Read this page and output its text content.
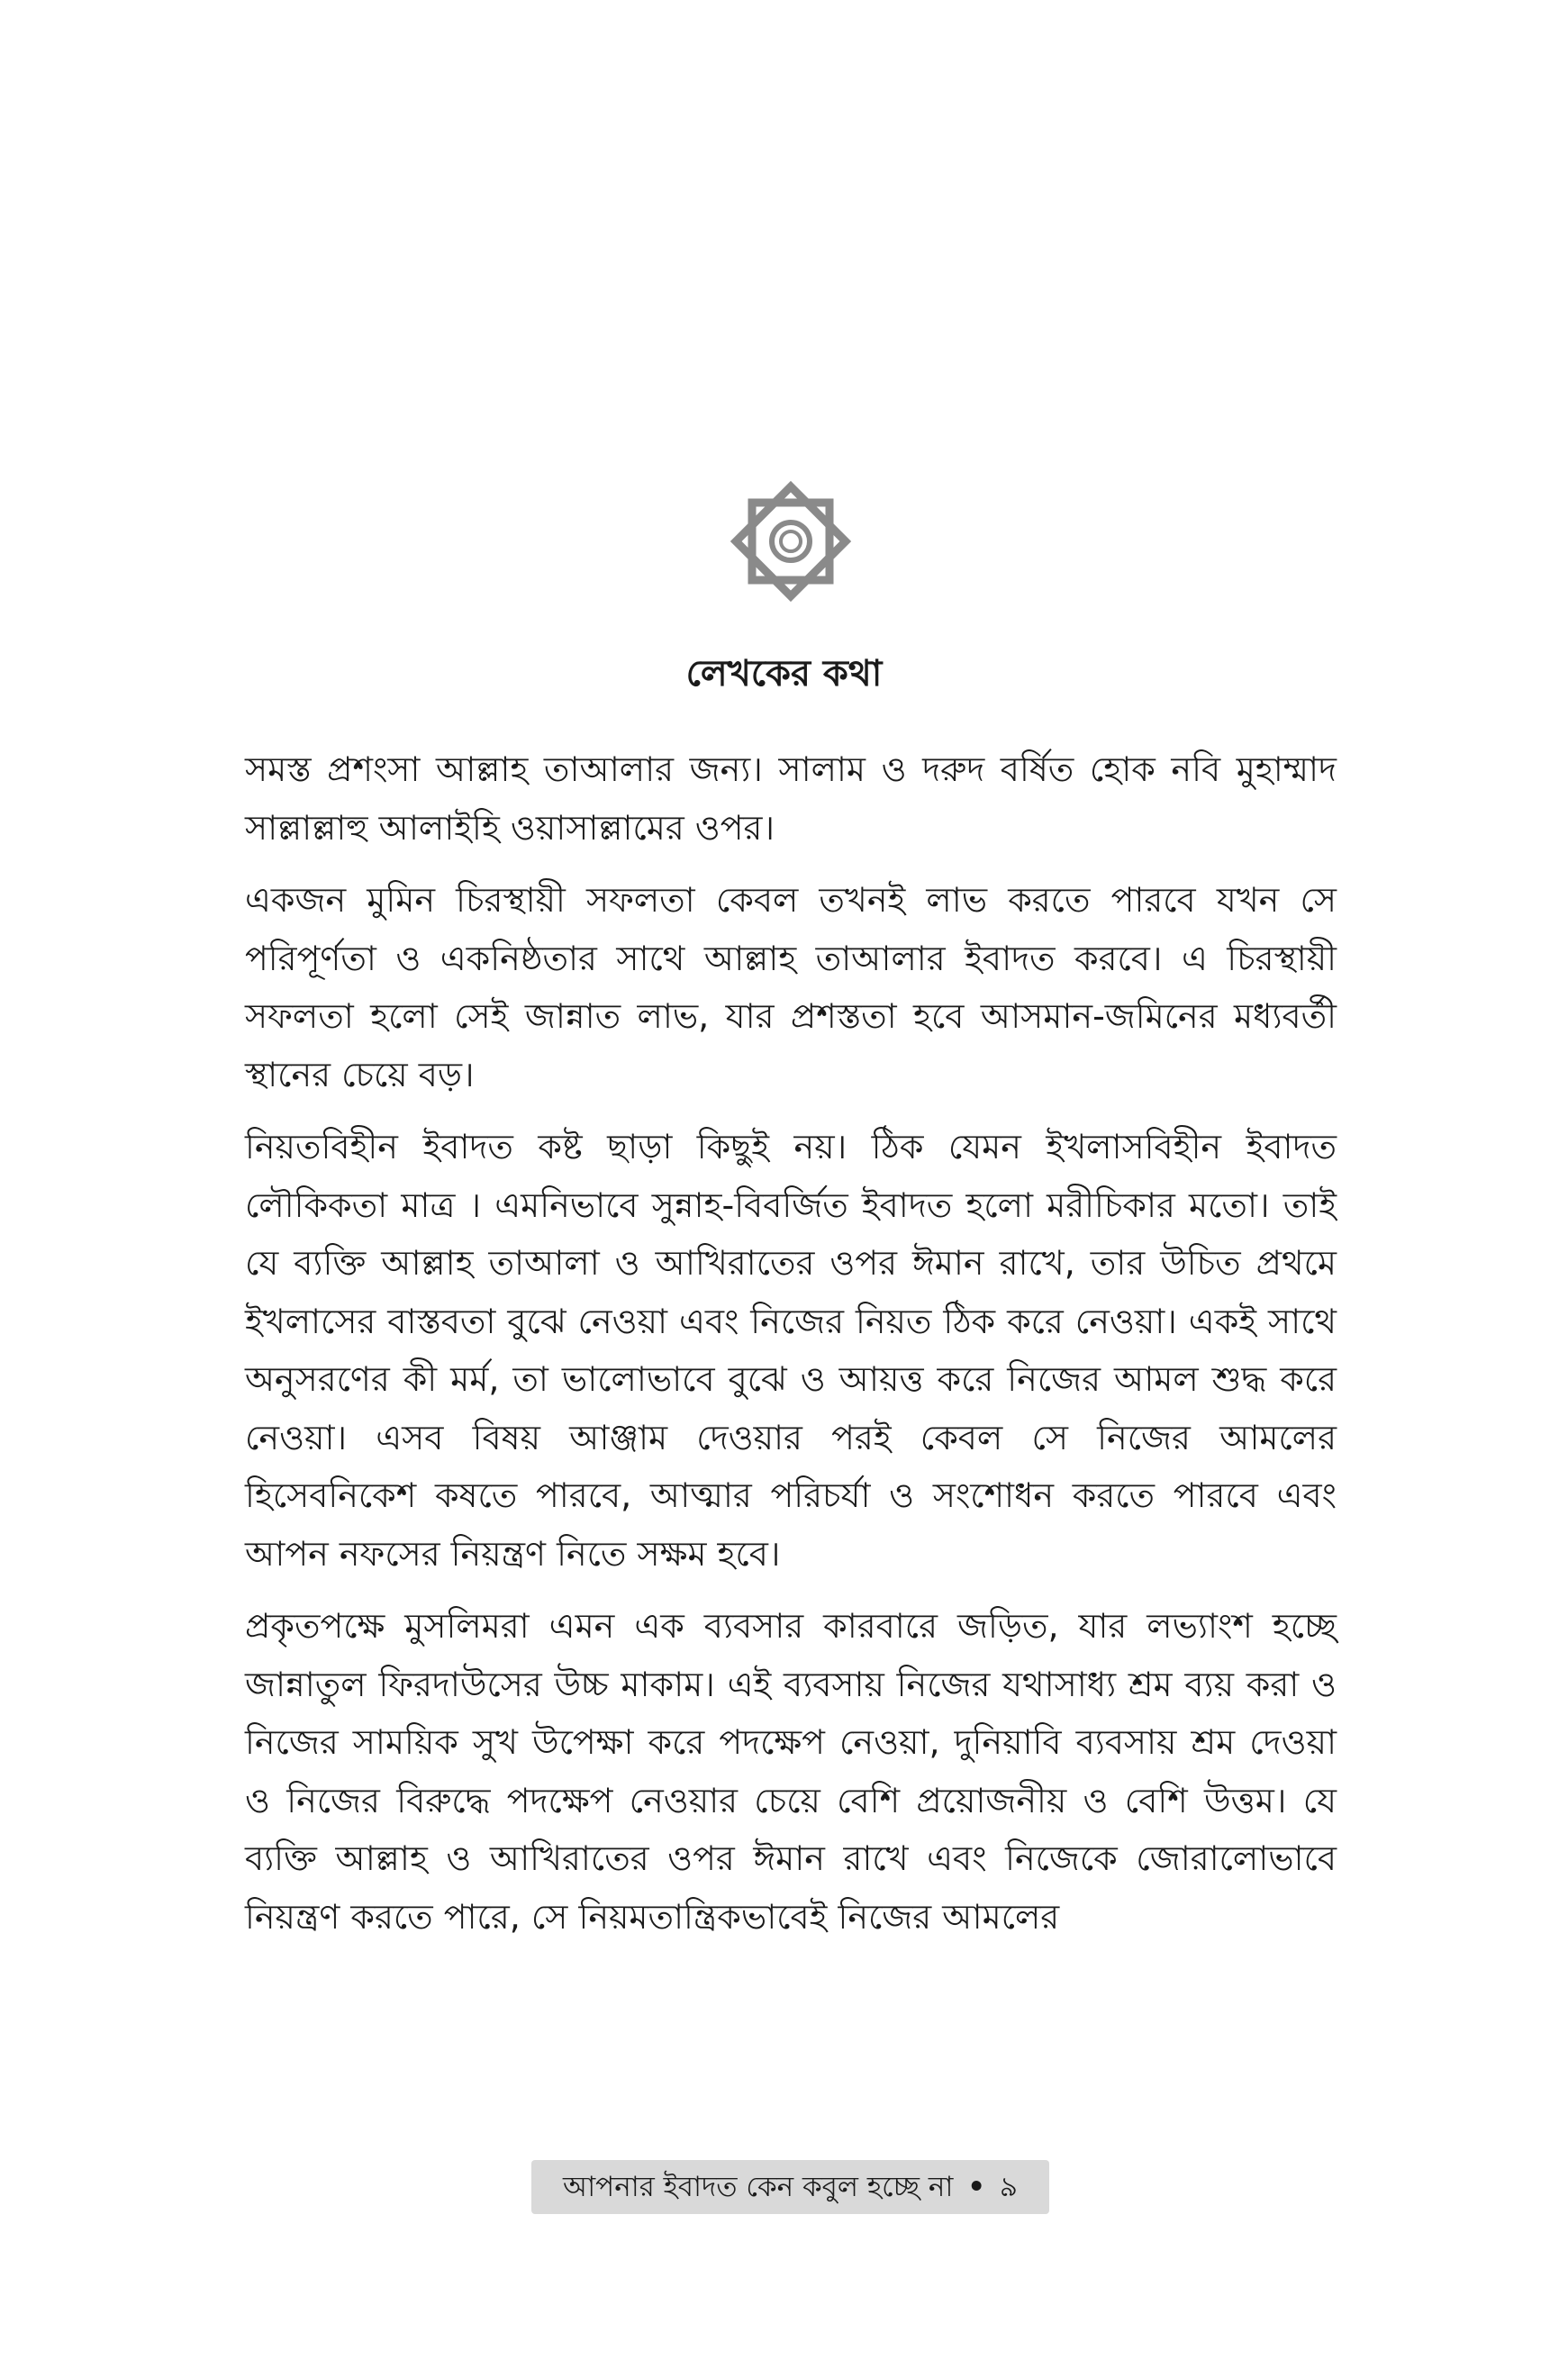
লেখকের কথা

সমস্ত প্রশংসা আল্লাহ তাআলার জন্য। সালাম ও দরুদ বর্ষিত হোক নবি মুহাম্মাদ সাল্লাল্লাহু আলাইহি ওয়াসাল্লামের ওপর।

একজন মুমিন চিরস্থায়ী সফলতা কেবল তখনই লাভ করতে পারবে যখন সে পরিপূর্ণতা ও একনিষ্ঠতার সাথে আল্লাহ তাআলার ইবাদত করবে। এ চিরস্থায়ী সফলতা হলো সেই জান্নাত লাভ, যার প্রশস্ততা হবে আসমান-জমিনের মধ্যবর্তী স্থানের চেয়ে বড়।

নিয়তবিহীন ইবাদত কষ্ট ছাড়া কিছুই নয়। ঠিক যেমন ইখলাসবিহীন ইবাদত লৌকিকতা মাত্র । এমনিভাবে সুন্নাহ-বিবর্জিত ইবাদত হলো মরীচিকার মতো। তাই যে ব্যক্তি আল্লাহ তাআলা ও আখিরাতের ওপর ঈমান রাখে, তার উচিত প্রথমে ইখলাসের বাস্তবতা বুঝে নেওয়া এবং নিজের নিয়ত ঠিক করে নেওয়া। একই সাথে অনুসরণের কী মর্ম, তা ভালোভাবে বুঝে ও আয়ত্ত করে নিজের আমল শুদ্ধ করে নেওয়া। এসব বিষয় আঞ্জাম দেওয়ার পরই কেবল সে নিজের আমলের হিসেবনিকেশ কষতে পারবে, আত্মার পরিচর্যা ও সংশোধন করতে পারবে এবং আপন নফসের নিয়ন্ত্রণ নিতে সক্ষম হবে।

প্রকৃতপক্ষে মুসলিমরা এমন এক ব্যবসার কারবারে জড়িত, যার লভ্যাংশ হচ্ছে জান্নাতুল ফিরদাউসের উচ্চ মাকাম। এই ব্যবসায় নিজের যথাসাধ্য শ্রম ব্যয় করা ও নিজের সাময়িক সুখ উপেক্ষা করে পদক্ষেপ নেওয়া, দুনিয়াবি ব্যবসায় শ্রম দেওয়া ও নিজের বিরুদ্ধে পদক্ষেপ নেওয়ার চেয়ে বেশি প্রয়োজনীয় ও বেশি উত্তম। যে ব্যক্তি আল্লাহ ও আখিরাতের ওপর ঈমান রাখে এবং নিজেকে জোরালোভাবে নিয়ন্ত্রণ করতে পারে, সে নিয়মতান্ত্রিকভাবেই নিজের আমলের

আপনার ইবাদত কেন কবুল হচ্ছে না • ৯
